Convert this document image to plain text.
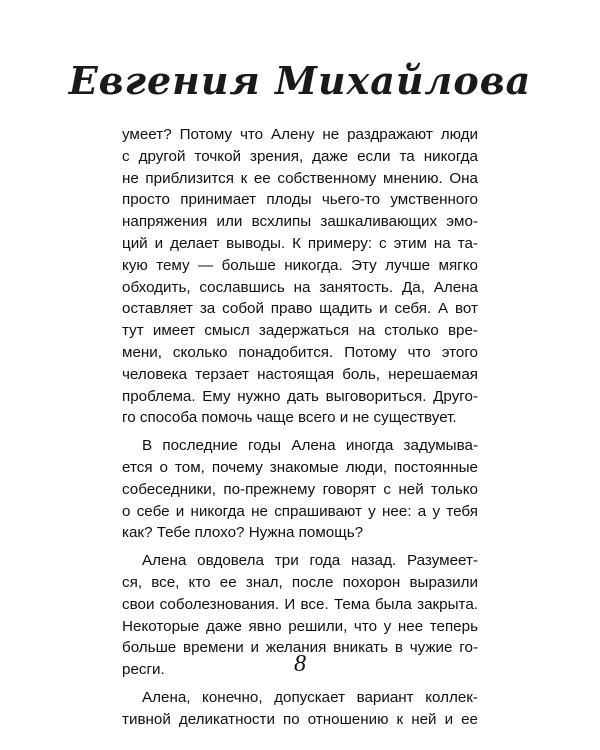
Евгения Михайлова
умеет? Потому что Алену не раздражают люди
с другой точкой зрения, даже если та никогда
не приблизится к ее собственному мнению. Она
просто принимает плоды чьего-то умственного
напряжения или всхлипы зашкаливающих эмо-
ций и делает выводы. К примеру: с этим на та-
кую тему — больше никогда. Эту лучше мягко
обходить, сославшись на занятость. Да, Алена
оставляет за собой право щадить и себя. А вот
тут имеет смысл задержаться на столько вре-
мени, сколько понадобится. Потому что этого
человека терзает настоящая боль, нерешаемая
проблема. Ему нужно дать выговориться. Друго-
го способа помочь чаще всего и не существует.
В последние годы Алена иногда задумыва-
ется о том, почему знакомые люди, постоянные
собеседники, по-прежнему говорят с ней только
о себе и никогда не спрашивают у нее: а у тебя
как? Тебе плохо? Нужна помощь?
Алена овдовела три года назад. Разумеет-
ся, все, кто ее знал, после похорон выразили
свои соболезнования. И все. Тема была закрыта.
Некоторые даже явно решили, что у нее теперь
больше времени и желания вникать в чужие го-
ресги.
Алена, конечно, допускает вариант коллек-
тивной деликатности по отношению к ней и ее
8
